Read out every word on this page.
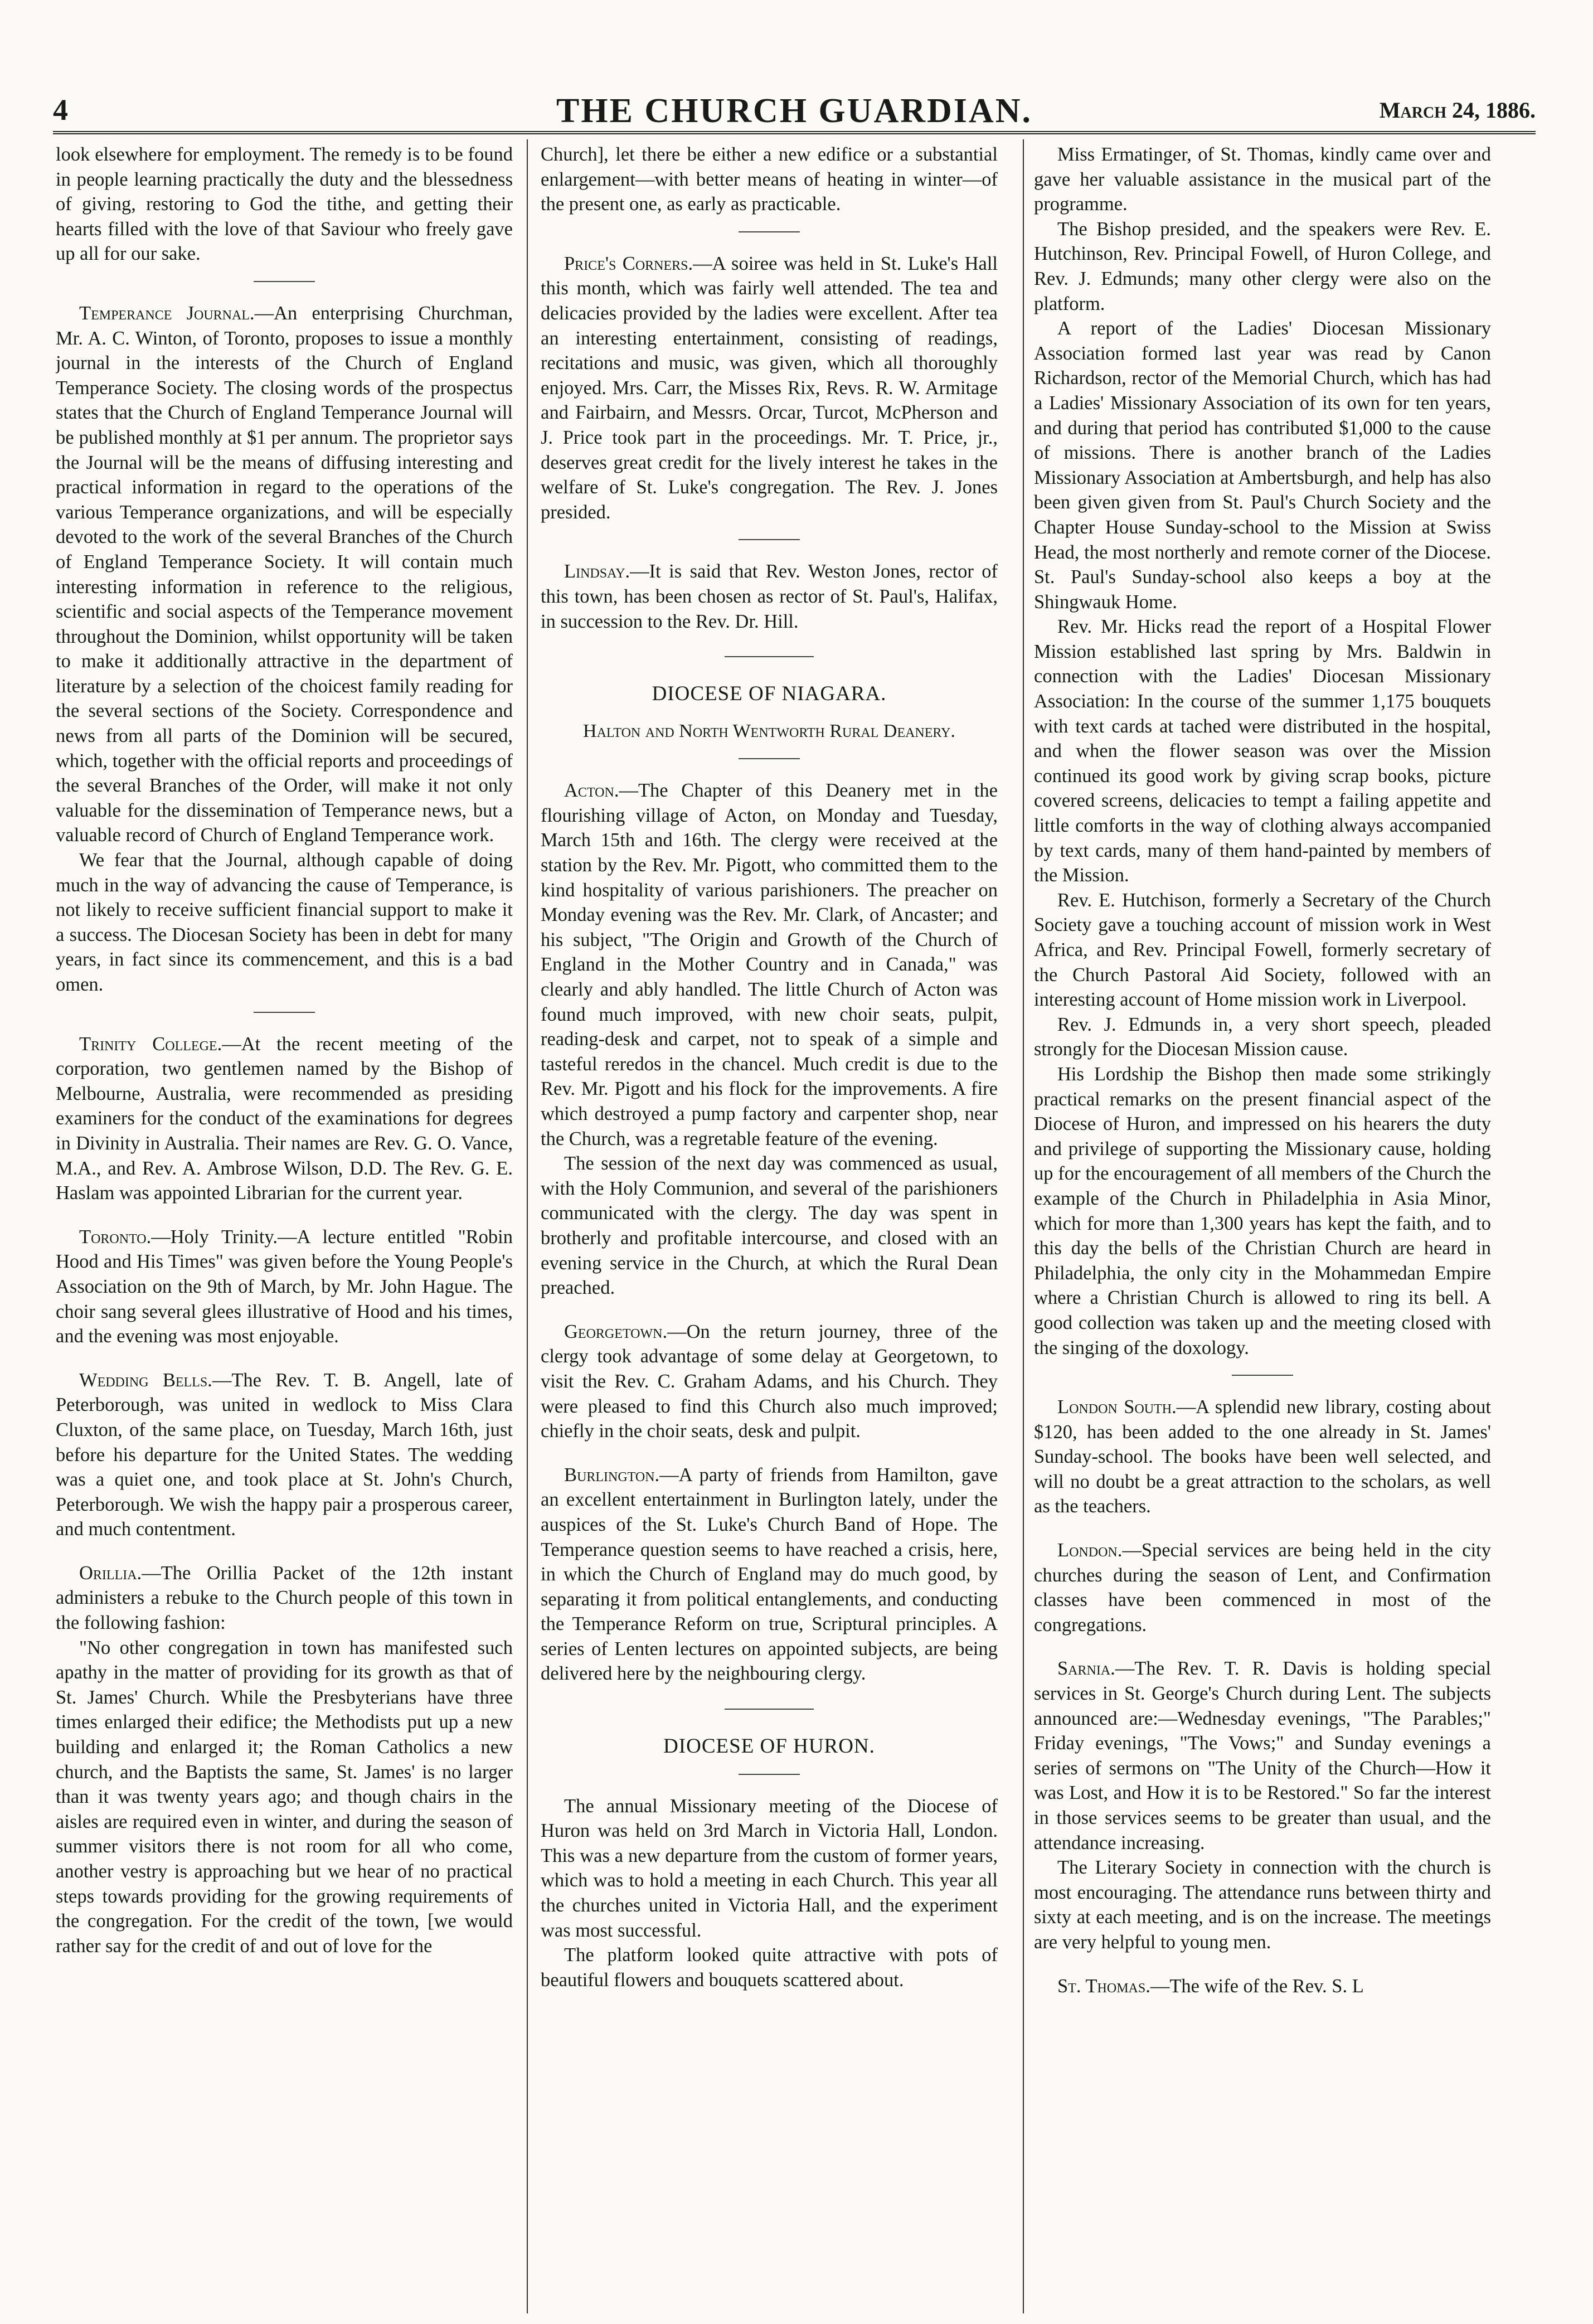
4	THE CHURCH GUARDIAN.	March 24, 1886.

look elsewhere for employment. The remedy is to be found in people learning practically the duty and the blessedness of giving, restoring to God the tithe, and getting their hearts filled with the love of that Saviour who freely gave up all for our sake.

Temperance Journal.—An enterprising Churchman, Mr. A. C. Winton, of Toronto, proposes to issue a monthly journal in the interests of the Church of England Temperance Society. The closing words of the prospectus states that the Church of England Temperance Journal will be published monthly at $1 per annum. The proprietor says the Journal will be the means of diffusing interesting and practical information in regard to the operations of the various Temperance organizations, and will be especially devoted to the work of the several Branches of the Church of England Temperance Society. It will contain much interesting information in reference to the religious, scientific and social aspects of the Temperance movement throughout the Dominion, whilst opportunity will be taken to make it additionally attractive in the department of literature by a selection of the choicest family reading for the several sections of the Society. Correspondence and news from all parts of the Dominion will be secured, which, together with the official reports and proceedings of the several Branches of the Order, will make it not only valuable for the dissemination of Temperance news, but a valuable record of Church of England Temperance work.

We fear that the Journal, although capable of doing much in the way of advancing the cause of Temperance, is not likely to receive sufficient financial support to make it a success. The Diocesan Society has been in debt for many years, in fact since its commencement, and this is a bad omen.

Trinity College.—At the recent meeting of the corporation, two gentlemen named by the Bishop of Melbourne, Australia, were recommended as presiding examiners for the conduct of the examinations for degrees in Divinity in Australia. Their names are Rev. G. O. Vance, M.A., and Rev. A. Ambrose Wilson, D.D. The Rev. G. E. Haslam was appointed Librarian for the current year.

Toronto.—Holy Trinity.—A lecture entitled "Robin Hood and His Times" was given before the Young People's Association on the 9th of March, by Mr. John Hague. The choir sang several glees illustrative of Hood and his times, and the evening was most enjoyable.

Wedding Bells.—The Rev. T. B. Angell, late of Peterborough, was united in wedlock to Miss Clara Cluxton, of the same place, on Tuesday, March 16th, just before his departure for the United States. The wedding was a quiet one, and took place at St. John's Church, Peterborough. We wish the happy pair a prosperous career, and much contentment.

Orillia.—The Orillia Packet of the 12th instant administers a rebuke to the Church people of this town in the following fashion:

"No other congregation in town has manifested such apathy in the matter of providing for its growth as that of St. James' Church. While the Presbyterians have three times enlarged their edifice; the Methodists put up a new building and enlarged it; the Roman Catholics a new church, and the Baptists the same, St. James' is no larger than it was twenty years ago; and though chairs in the aisles are required even in winter, and during the season of summer visitors there is not room for all who come, another vestry is approaching but we hear of no practical steps towards providing for the growing requirements of the congregation. For the credit of the town, [we would rather say for the credit of and out of love for the

Church], let there be either a new edifice or a substantial enlargement—with better means of heating in winter—of the present one, as early as practicable.

Price's Corners.—A soiree was held in St. Luke's Hall this month, which was fairly well attended. The tea and delicacies provided by the ladies were excellent. After tea an interesting entertainment, consisting of readings, recitations and music, was given, which all thoroughly enjoyed. Mrs. Carr, the Misses Rix, Revs. R. W. Armitage and Fairbairn, and Messrs. Orcar, Turcot, McPherson and J. Price took part in the proceedings. Mr. T. Price, jr., deserves great credit for the lively interest he takes in the welfare of St. Luke's congregation. The Rev. J. Jones presided.

Lindsay.—It is said that Rev. Weston Jones, rector of this town, has been chosen as rector of St. Paul's, Halifax, in succession to the Rev. Dr. Hill.

DIOCESE OF NIAGARA.
Halton and North Wentworth Rural Deanery.

Acton.—The Chapter of this Deanery met in the flourishing village of Acton, on Monday and Tuesday, March 15th and 16th. The clergy were received at the station by the Rev. Mr. Pigott, who committed them to the kind hospitality of various parishioners. The preacher on Monday evening was the Rev. Mr. Clark, of Ancaster; and his subject, "The Origin and Growth of the Church of England in the Mother Country and in Canada," was clearly and ably handled. The little Church of Acton was found much improved, with new choir seats, pulpit, reading-desk and carpet, not to speak of a simple and tasteful reredos in the chancel. Much credit is due to the Rev. Mr. Pigott and his flock for the improvements. A fire which destroyed a pump factory and carpenter shop, near the Church, was a regretable feature of the evening.

The session of the next day was commenced as usual, with the Holy Communion, and several of the parishioners communicated with the clergy. The day was spent in brotherly and profitable intercourse, and closed with an evening service in the Church, at which the Rural Dean preached.

Georgetown.—On the return journey, three of the clergy took advantage of some delay at Georgetown, to visit the Rev. C. Graham Adams, and his Church. They were pleased to find this Church also much improved; chiefly in the choir seats, desk and pulpit.

Burlington.—A party of friends from Hamilton, gave an excellent entertainment in Burlington lately, under the auspices of the St. Luke's Church Band of Hope. The Temperance question seems to have reached a crisis, here, in which the Church of England may do much good, by separating it from political entanglements, and conducting the Temperance Reform on true, Scriptural principles. A series of Lenten lectures on appointed subjects, are being delivered here by the neighbouring clergy.

DIOCESE OF HURON.

The annual Missionary meeting of the Diocese of Huron was held on 3rd March in Victoria Hall, London. This was a new departure from the custom of former years, which was to hold a meeting in each Church. This year all the churches united in Victoria Hall, and the experiment was most successful.

The platform looked quite attractive with pots of beautiful flowers and bouquets scattered about.

Miss Ermatinger, of St. Thomas, kindly came over and gave her valuable assistance in the musical part of the programme.

The Bishop presided, and the speakers were Rev. E. Hutchinson, Rev. Principal Fowell, of Huron College, and Rev. J. Edmunds; many other clergy were also on the platform.

A report of the Ladies' Diocesan Missionary Association formed last year was read by Canon Richardson, rector of the Memorial Church, which has had a Ladies' Missionary Association of its own for ten years, and during that period has contributed $1,000 to the cause of missions. There is another branch of the Ladies Missionary Association at Ambertsburgh, and help has also been given given from St. Paul's Church Society and the Chapter House Sunday-school to the Mission at Swiss Head, the most northerly and remote corner of the Diocese. St. Paul's Sunday-school also keeps a boy at the Shingwauk Home.

Rev. Mr. Hicks read the report of a Hospital Flower Mission established last spring by Mrs. Baldwin in connection with the Ladies' Diocesan Missionary Association: In the course of the summer 1,175 bouquets with text cards at tached were distributed in the hospital, and when the flower season was over the Mission continued its good work by giving scrap books, picture covered screens, delicacies to tempt a failing appetite and little comforts in the way of clothing always accompanied by text cards, many of them hand-painted by members of the Mission.

Rev. E. Hutchison, formerly a Secretary of the Church Society gave a touching account of mission work in West Africa, and Rev. Principal Fowell, formerly secretary of the Church Pastoral Aid Society, followed with an interesting account of Home mission work in Liverpool.

Rev. J. Edmunds in, a very short speech, pleaded strongly for the Diocesan Mission cause.

His Lordship the Bishop then made some strikingly practical remarks on the present financial aspect of the Diocese of Huron, and impressed on his hearers the duty and privilege of supporting the Missionary cause, holding up for the encouragement of all members of the Church the example of the Church in Philadelphia in Asia Minor, which for more than 1,300 years has kept the faith, and to this day the bells of the Christian Church are heard in Philadelphia, the only city in the Mohammedan Empire where a Christian Church is allowed to ring its bell. A good collection was taken up and the meeting closed with the singing of the doxology.

London South.—A splendid new library, costing about $120, has been added to the one already in St. James' Sunday-school. The books have been well selected, and will no doubt be a great attraction to the scholars, as well as the teachers.

London.—Special services are being held in the city churches during the season of Lent, and Confirmation classes have been commenced in most of the congregations.

Sarnia.—The Rev. T. R. Davis is holding special services in St. George's Church during Lent. The subjects announced are:—Wednesday evenings, "The Parables;" Friday evenings, "The Vows;" and Sunday evenings a series of sermons on "The Unity of the Church—How it was Lost, and How it is to be Restored." So far the interest in those services seems to be greater than usual, and the attendance increasing.

The Literary Society in connection with the church is most encouraging. The attendance runs between thirty and sixty at each meeting, and is on the increase. The meetings are very helpful to young men.

St. Thomas.—The wife of the Rev. S. L
